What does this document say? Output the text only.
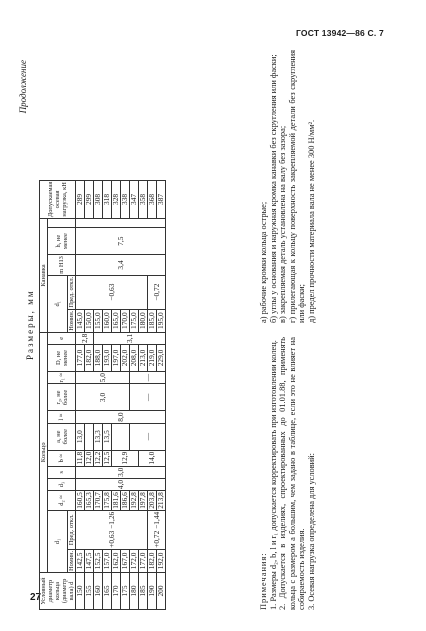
ГОСТ 13942—86 С. 7
27
Продолжение
Размеры, мм
Условный диаметр кольца (диаметр вала) d	Кольцо												Канавка					Допускаемая осевая нагрузка, кН
	d₁		d₂ ≈	d₃	s	b ≈	a, не более	l ≈	r₂, не более	r₁ ≈	D, не менее	e	d₁		m H13	h, не менее		
	Номин.	Пред. откл.											Номин.	Пред. откл.				
150	142,5	+0,63 −1,26	160,5	4,0	3,0	11,8	13,0	8,0	3,0	5,0	177,0	2,8	145,0	−0,63	3,4	7,5		289
155	147,5		165,3			12,0					182,0		150,0					299
160	152,5		170,7			12,2	13,3				188,0	3,1	155,0					308
165	157,0		175,8			12,5	13,5				193,0		160,0					318
170	162,0		181,6			12,9					197,0		165,0					328
175	167,0		186,6								202,0		170,0					338
180	172,0		192,8				—		—	—	208,0		175,0					347
185	177,0		197,8			14,0					213,0		180,0					358
190	182,0	+0,72 −1,44	203,8								219,0		185,0	−0,72				368
200	192,0		213,8								229,0		195,0					387

Примечания: 1. Размеры d₂, b, l и r₁ допускается корректировать при изготовлении колец. 2. Допускается в изделиях, спроектированных до 01.01.88, применять кольца с размером a большим, чем задано в таблице, если это не влияет на собираемость изделия. 3. Осевая нагрузка определена для условий:

а) рабочие кромки кольца острые; б) углы у основания и наружная кромка канавки без скругления или фаски; в) закрепляемая деталь установлена на валу без зазора; г) прилегающая к кольцу поверхность закрепляемой детали без скругления или фаски; д) предел прочности материала вала не менее 300 Н/мм².
